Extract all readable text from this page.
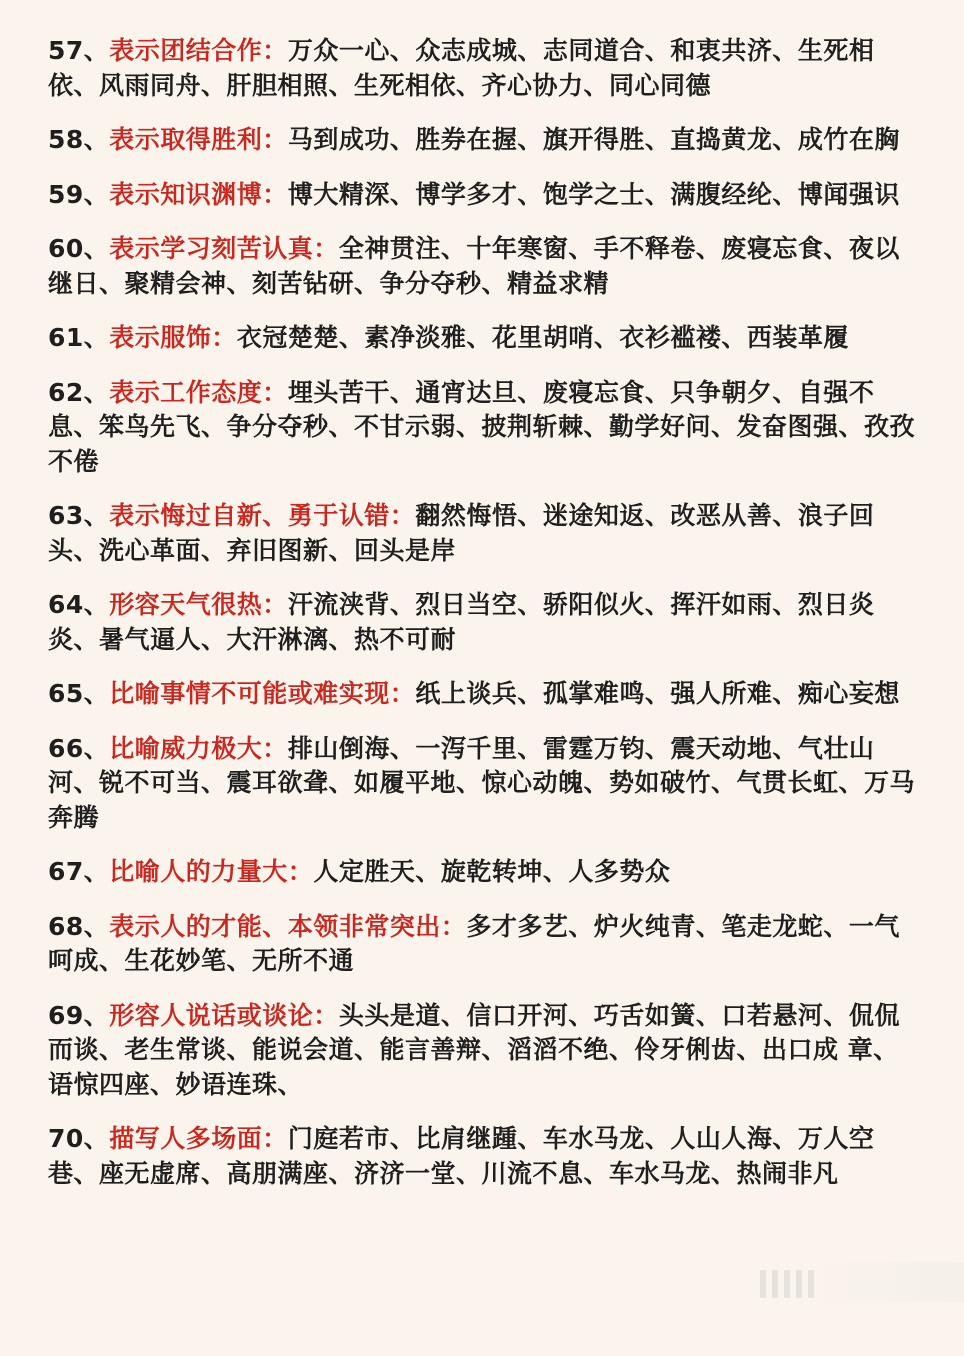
57、表示团结合作：万众一心、众志成城、志同道合、和衷共济、生死相依、风雨同舟、肝胆相照、生死相依、齐心协力、同心同德
58、表示取得胜利：马到成功、胜券在握、旗开得胜、直捣黄龙、成竹在胸
59、表示知识渊博：博大精深、博学多才、饱学之士、满腹经纶、博闻强识
60、表示学习刻苦认真：全神贯注、十年寒窗、手不释卷、废寝忘食、夜以继日、聚精会神、刻苦钻研、争分夺秒、精益求精
61、表示服饰：衣冠楚楚、素净淡雅、花里胡哨、衣衫褴褛、西装革履
62、表示工作态度：埋头苦干、通宵达旦、废寝忘食、只争朝夕、自强不息、笨鸟先飞、争分夺秒、不甘示弱、披荆斩棘、勤学好问、发奋图强、孜孜不倦
63、表示悔过自新、勇于认错：翻然悔悟、迷途知返、改恶从善、浪子回头、洗心革面、弃旧图新、回头是岸
64、形容天气很热：汗流浃背、烈日当空、骄阳似火、挥汗如雨、烈日炎炎、暑气逼人、大汗淋漓、热不可耐
65、比喻事情不可能或难实现：纸上谈兵、孤掌难鸣、强人所难、痴心妄想
66、比喻威力极大：排山倒海、一泻千里、雷霆万钧、震天动地、气壮山河、锐不可当、震耳欲聋、如履平地、惊心动魄、势如破竹、气贯长虹、万马奔腾
67、比喻人的力量大：人定胜天、旋乾转坤、人多势众
68、表示人的才能、本领非常突出：多才多艺、炉火纯青、笔走龙蛇、一气呵成、生花妙笔、无所不通
69、形容人说话或谈论：头头是道、信口开河、巧舌如簧、口若悬河、侃侃而谈、老生常谈、能说会道、能言善辩、滔滔不绝、伶牙俐齿、出口成 章、语惊四座、妙语连珠、
70、描写人多场面：门庭若市、比肩继踵、车水马龙、人山人海、万人空巷、座无虚席、高朋满座、济济一堂、川流不息、车水马龙、热闹非凡
